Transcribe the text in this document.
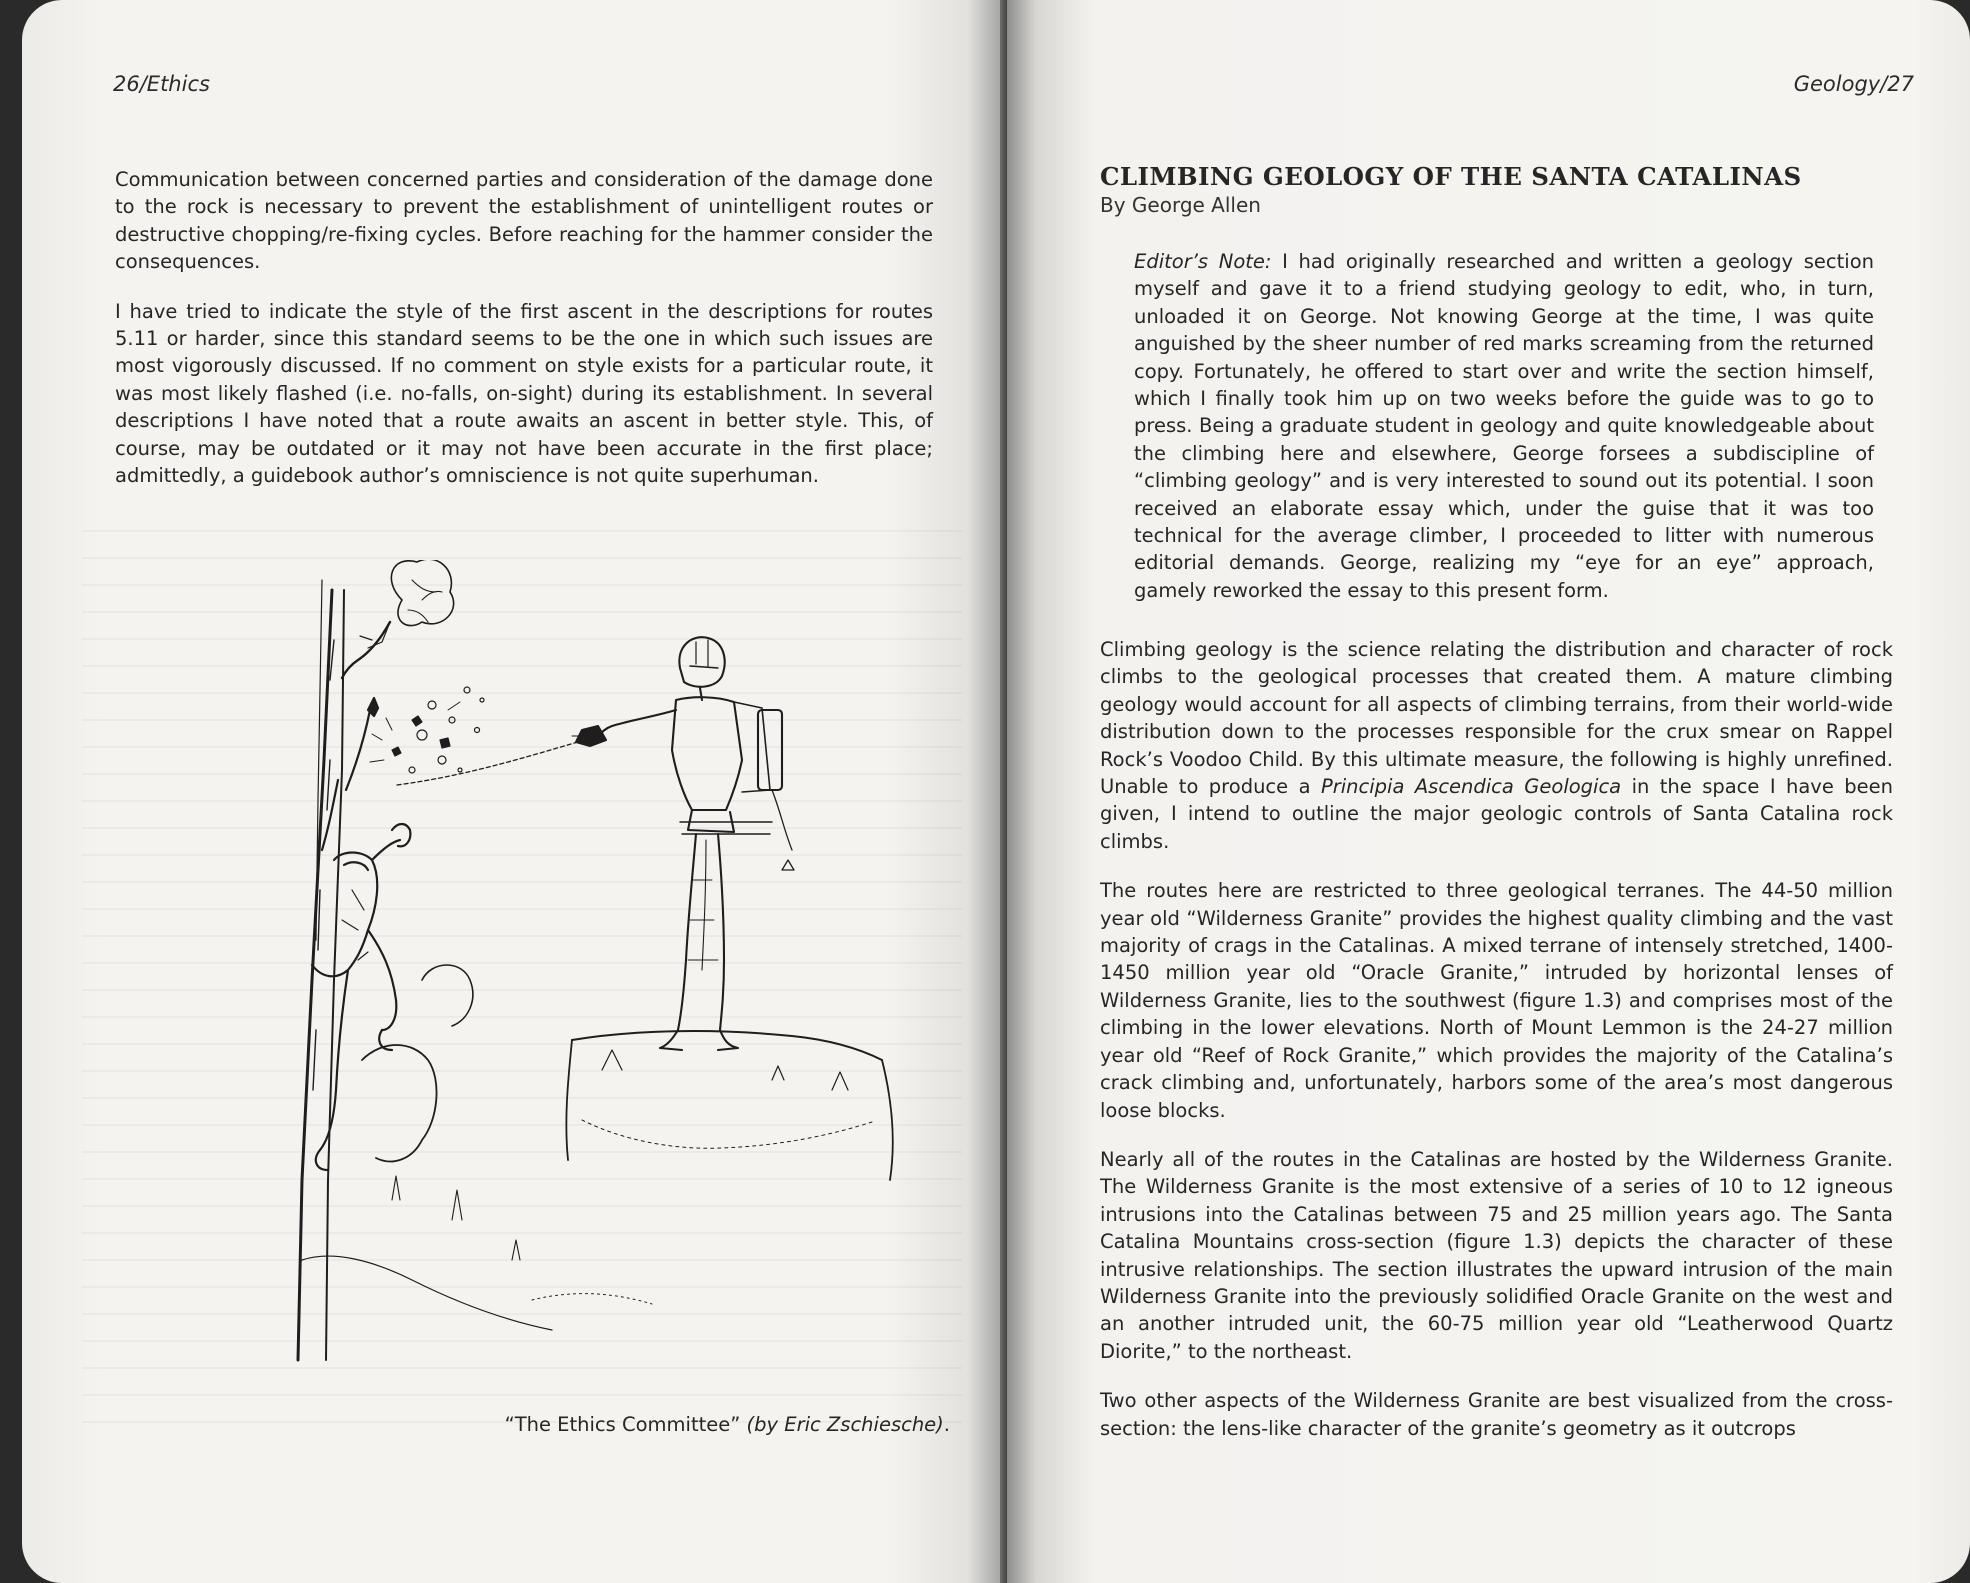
26/Ethics

Communication between concerned parties and consideration of the damage done to the rock is necessary to prevent the establishment of unintelligent routes or destructive chopping/re-fixing cycles. Before reaching for the hammer consider the consequences.

I have tried to indicate the style of the first ascent in the descriptions for routes 5.11 or harder, since this standard seems to be the one in which such issues are most vigorously discussed. If no comment on style exists for a particular route, it was most likely flashed (i.e. no-falls, on-sight) during its establishment. In several descriptions I have noted that a route awaits an ascent in better style. This, of course, may be outdated or it may not have been accurate in the first place; admittedly, a guidebook author’s omniscience is not quite superhuman.

“The Ethics Committee” (by Eric Zschiesche).
Geology/27
CLIMBING GEOLOGY OF THE SANTA CATALINAS
By George Allen
Editor’s Note: I had originally researched and written a geology section myself and gave it to a friend studying geology to edit, who, in turn, unloaded it on George. Not knowing George at the time, I was quite anguished by the sheer number of red marks screaming from the returned copy. Fortunately, he offered to start over and write the section himself, which I finally took him up on two weeks before the guide was to go to press. Being a graduate student in geology and quite knowledgeable about the climbing here and elsewhere, George forsees a subdiscipline of “climbing geology” and is very interested to sound out its potential. I soon received an elaborate essay which, under the guise that it was too technical for the average climber, I proceeded to litter with numerous editorial demands. George, realizing my “eye for an eye” approach, gamely reworked the essay to this present form.

Climbing geology is the science relating the distribution and character of rock climbs to the geological processes that created them. A mature climbing geology would account for all aspects of climbing terrains, from their world-wide distribution down to the processes responsible for the crux smear on Rappel Rock’s Voodoo Child. By this ultimate measure, the following is highly unrefined. Unable to produce a Principia Ascendica Geologica in the space I have been given, I intend to outline the major geologic controls of Santa Catalina rock climbs.

The routes here are restricted to three geological terranes. The 44-50 million year old “Wilderness Granite” provides the highest quality climbing and the vast majority of crags in the Catalinas. A mixed terrane of intensely stretched, 1400-1450 million year old “Oracle Granite,” intruded by horizontal lenses of Wilderness Granite, lies to the southwest (figure 1.3) and comprises most of the climbing in the lower elevations. North of Mount Lemmon is the 24-27 million year old “Reef of Rock Granite,” which provides the majority of the Catalina’s crack climbing and, unfortunately, harbors some of the area’s most dangerous loose blocks.

Nearly all of the routes in the Catalinas are hosted by the Wilderness Granite. The Wilderness Granite is the most extensive of a series of 10 to 12 igneous intrusions into the Catalinas between 75 and 25 million years ago. The Santa Catalina Mountains cross-section (figure 1.3) depicts the character of these intrusive relationships. The section illustrates the upward intrusion of the main Wilderness Granite into the previously solidified Oracle Granite on the west and an another intruded unit, the 60-75 million year old “Leatherwood Quartz Diorite,” to the northeast.

Two other aspects of the Wilderness Granite are best visualized from the cross-section: the lens-like character of the granite’s geometry as it outcrops
